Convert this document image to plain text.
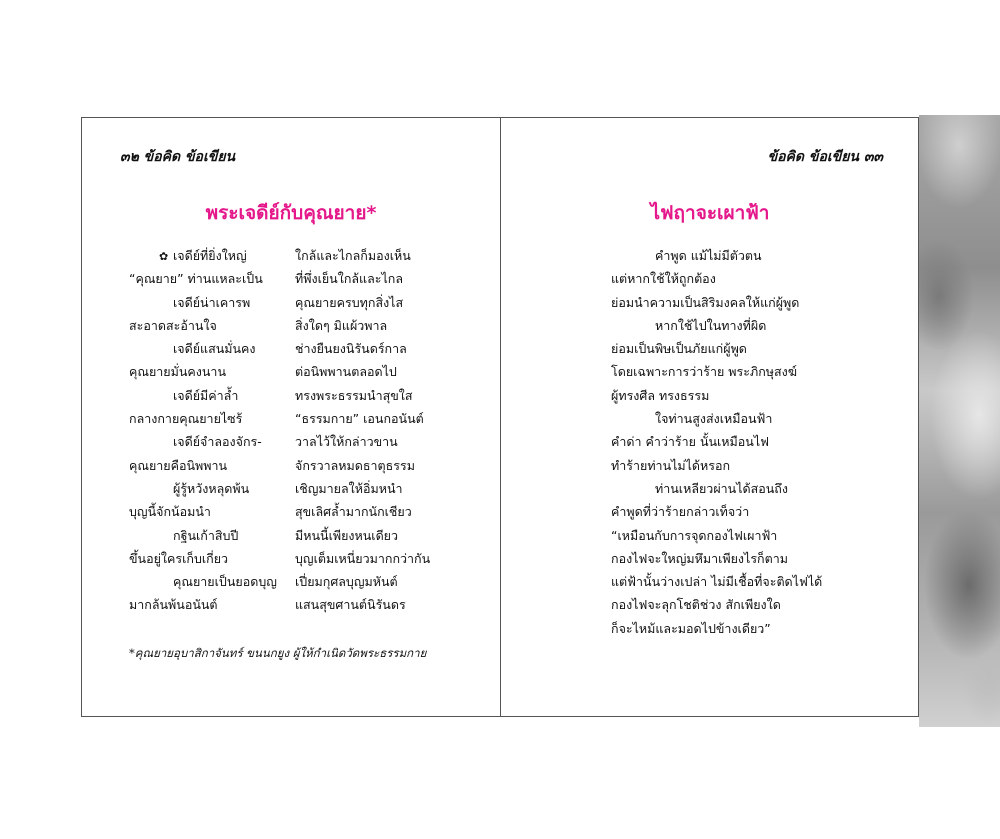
๓๒ ข้อคิด ข้อเขียน
พระเจดีย์กับคุณยาย*
✿ เจดีย์ที่ยิ่งใหญ่
“คุณยาย” ท่านแหละเป็น
เจดีย์น่าเคารพ
สะอาดสะอ้านใจ
เจดีย์แสนมั่นคง
คุณยายมั่นคงนาน
เจดีย์มีค่าล้ำ
กลางกายคุณยายไซร้
เจดีย์จำลองจักร-
คุณยายคือนิพพาน
ผู้รู้หวังหลุดพ้น
บุญนี้จักน้อมนำ
กฐินเก้าสิบปี
ขึ้นอยู่ใครเก็บเกี่ยว
คุณยายเป็นยอดบุญ
มากล้นพ้นอนันต์
ใกล้และไกลก็มองเห็น
ที่พึ่งเย็นใกล้และไกล
คุณยายครบทุกสิ่งไส
สิ่งใดๆ มิแผ้วพาล
ช่างยืนยงนิรันดร์กาล
ต่อนิพพานตลอดไป
ทรงพระธรรมนำสุขใส
“ธรรมกาย” เอนกอนันต์
วาลไว้ให้กล่าวขาน
จักรวาลหมดธาตุธรรม
เชิญมายลให้อิ่มหนำ
สุขเลิศล้ำมากนักเชียว
มีหนนี้เพียงหนเดียว
บุญเต็มเหนี่ยวมากกว่ากัน
เปี่ยมกุศลบุญมหันต์
แสนสุขศานต์นิรันดร
*คุณยายอุบาสิกาจันทร์ ขนนกยูง ผู้ให้กำเนิดวัดพระธรรมกาย
ข้อคิด ข้อเขียน ๓๓
ไฟฤาจะเผาฟ้า
คำพูด แม้ไม่มีตัวตน
แต่หากใช้ให้ถูกต้อง
ย่อมนำความเป็นสิริมงคลให้แก่ผู้พูด
หากใช้ไปในทางที่ผิด
ย่อมเป็นพิษเป็นภัยแก่ผู้พูด
โดยเฉพาะการว่าร้าย พระภิกษุสงฆ์
ผู้ทรงศีล ทรงธรรม
ใจท่านสูงส่งเหมือนฟ้า
คำด่า คำว่าร้าย นั้นเหมือนไฟ
ทำร้ายท่านไม่ได้หรอก
ท่านเหลียวผ่านได้สอนถึง
คำพูดที่ว่าร้ายกล่าวเท็จว่า
“เหมือนกับการจุดกองไฟเผาฟ้า
กองไฟจะใหญ่มหึมาเพียงไรก็ตาม
แต่ฟ้านั้นว่างเปล่า ไม่มีเชื้อที่จะติดไฟได้
กองไฟจะลุกโชติช่วง สักเพียงใด
ก็จะไหม้และมอดไปข้างเดียว”
